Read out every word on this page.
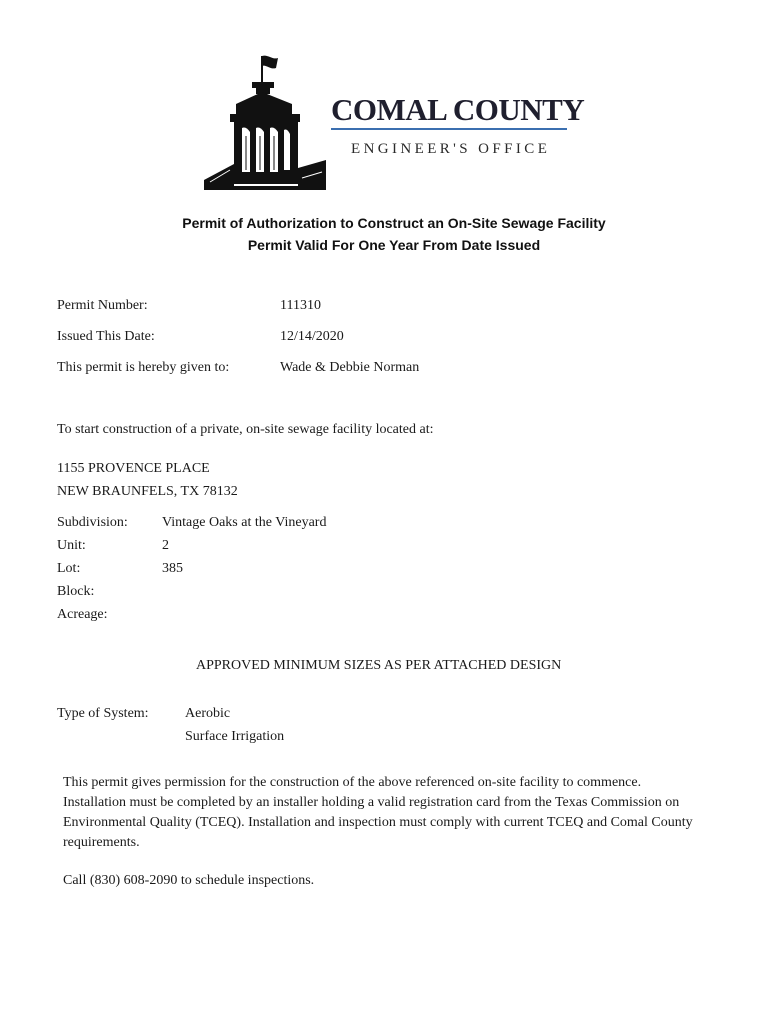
COMAL COUNTY
ENGINEER'S OFFICE
Permit of Authorization to Construct an On-Site Sewage Facility
Permit Valid For One Year From Date Issued
Permit Number:	111310
Issued This Date:	12/14/2020
This permit is hereby given to:	Wade & Debbie Norman
To start construction of a private, on-site sewage facility located at:
1155 PROVENCE PLACE
NEW BRAUNFELS, TX 78132
Subdivision: Vintage Oaks at the Vineyard
Unit:	2
Lot:	385
Block:
Acreage:
APPROVED MINIMUM SIZES AS PER ATTACHED DESIGN
Type of System:	Aerobic
Surface Irrigation

This permit gives permission for the construction of the above referenced on-site facility to commence. Installation must be completed by an installer holding a valid registration card from the Texas Commission on Environmental Quality (TCEQ). Installation and inspection must comply with current TCEQ and Comal County requirements.

Call (830) 608-2090 to schedule inspections.
